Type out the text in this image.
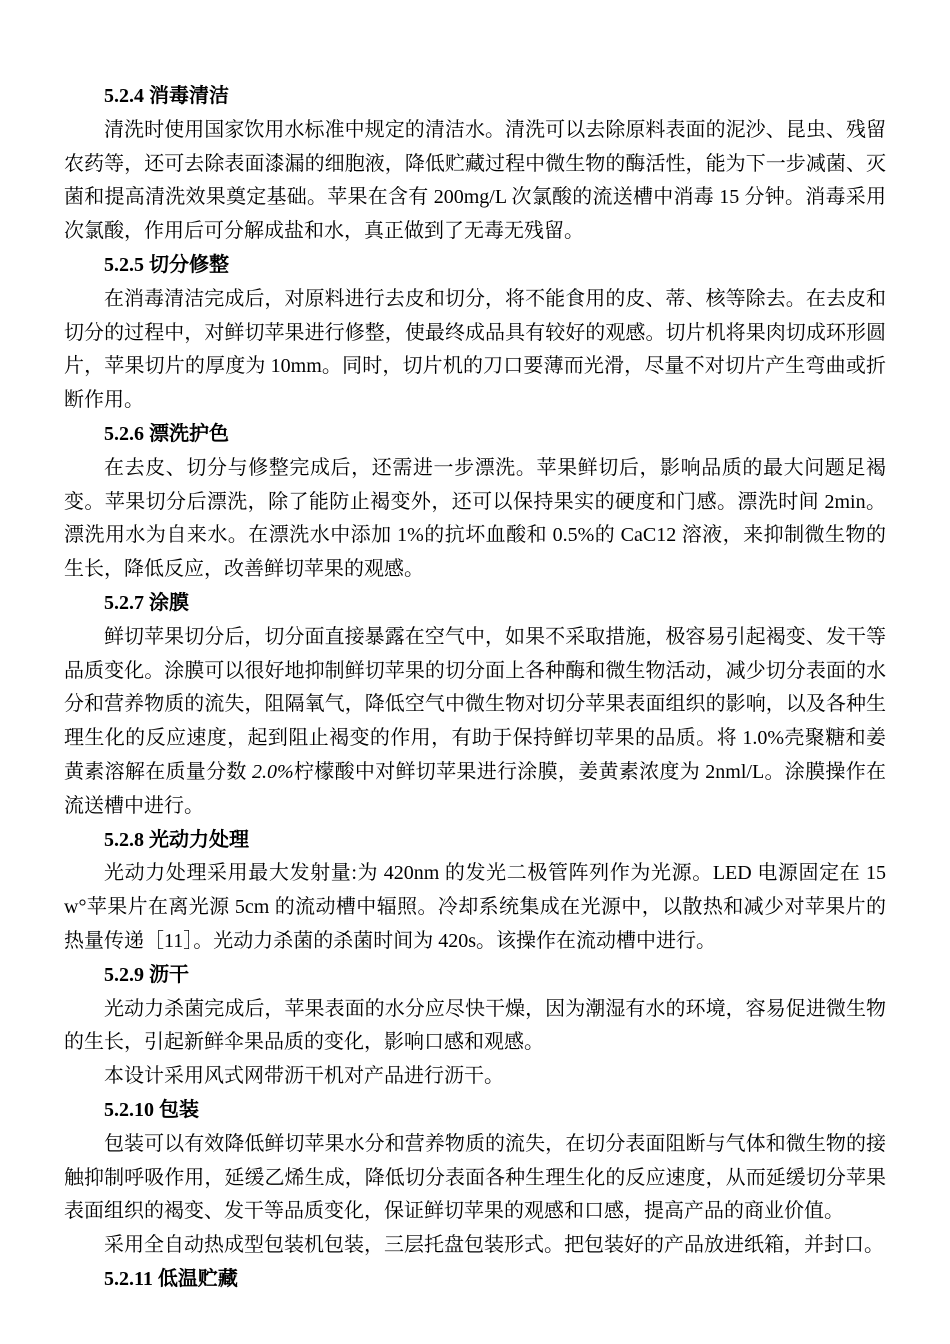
5.2.4 消毒清洁

清洗时使用国家饮用水标准中规定的清洁水。清洗可以去除原料表面的泥沙、昆虫、残留农药等，还可去除表面漆漏的细胞液，降低贮藏过程中微生物的酶活性，能为下一步减菌、灭菌和提高清洗效果奠定基础。苹果在含有 200mg/L 次氯酸的流送槽中消毒 15 分钟。消毒采用次氯酸，作用后可分解成盐和水，真正做到了无毒无残留。

5.2.5 切分修整

在消毒清洁完成后，对原料进行去皮和切分，将不能食用的皮、蒂、核等除去。在去皮和切分的过程中，对鲜切苹果进行修整，使最终成品具有较好的观感。切片机将果肉切成环形圆片，苹果切片的厚度为 10mm。同时，切片机的刀口要薄而光滑，尽量不对切片产生弯曲或折断作用。

5.2.6 漂洗护色

在去皮、切分与修整完成后，还需进一步漂洗。苹果鲜切后，影响品质的最大问题足褐变。苹果切分后漂洗，除了能防止褐变外，还可以保持果实的硬度和门感。漂洗时间 2min。漂洗用水为自来水。在漂洗水中添加 1%的抗坏血酸和 0.5%的 CaC12 溶液，来抑制微生物的生长，降低反应，改善鲜切苹果的观感。

5.2.7 涂膜

鲜切苹果切分后，切分面直接暴露在空气中，如果不采取措施，极容易引起褐变、发干等品质变化。涂膜可以很好地抑制鲜切苹果的切分面上各种酶和微生物活动，减少切分表面的水分和营养物质的流失，阻隔氧气，降低空气中微生物对切分苹果表面组织的影响，以及各种生理生化的反应速度，起到阻止褐变的作用，有助于保持鲜切苹果的品质。将 1.0%壳聚糖和姜黄素溶解在质量分数 2.0%柠檬酸中对鲜切苹果进行涂膜，姜黄素浓度为 2nml/L。涂膜操作在流送槽中进行。

5.2.8 光动力处理

光动力处理采用最大发射量:为 420nm 的发光二极管阵列作为光源。LED 电源固定在 15w°苹果片在离光源 5cm 的流动槽中辐照。冷却系统集成在光源中，以散热和减少对苹果片的热量传递［11］。光动力杀菌的杀菌时间为 420s。该操作在流动槽中进行。

5.2.9 沥干

光动力杀菌完成后，苹果表面的水分应尽快干燥，因为潮湿有水的环境，容易促进微生物的生长，引起新鲜伞果品质的变化，影响口感和观感。

本设计采用风式网带沥干机对产品进行沥干。

5.2.10 包装

包装可以有效降低鲜切苹果水分和营养物质的流失，在切分表面阻断与气体和微生物的接触抑制呼吸作用，延缓乙烯生成，降低切分表面各种生理生化的反应速度，从而延缓切分苹果表面组织的褐变、发干等品质变化，保证鲜切苹果的观感和口感，提高产品的商业价值。

采用全自动热成型包装机包装，三层托盘包装形式。把包装好的产品放进纸箱，并封口。

5.2.11 低温贮藏
